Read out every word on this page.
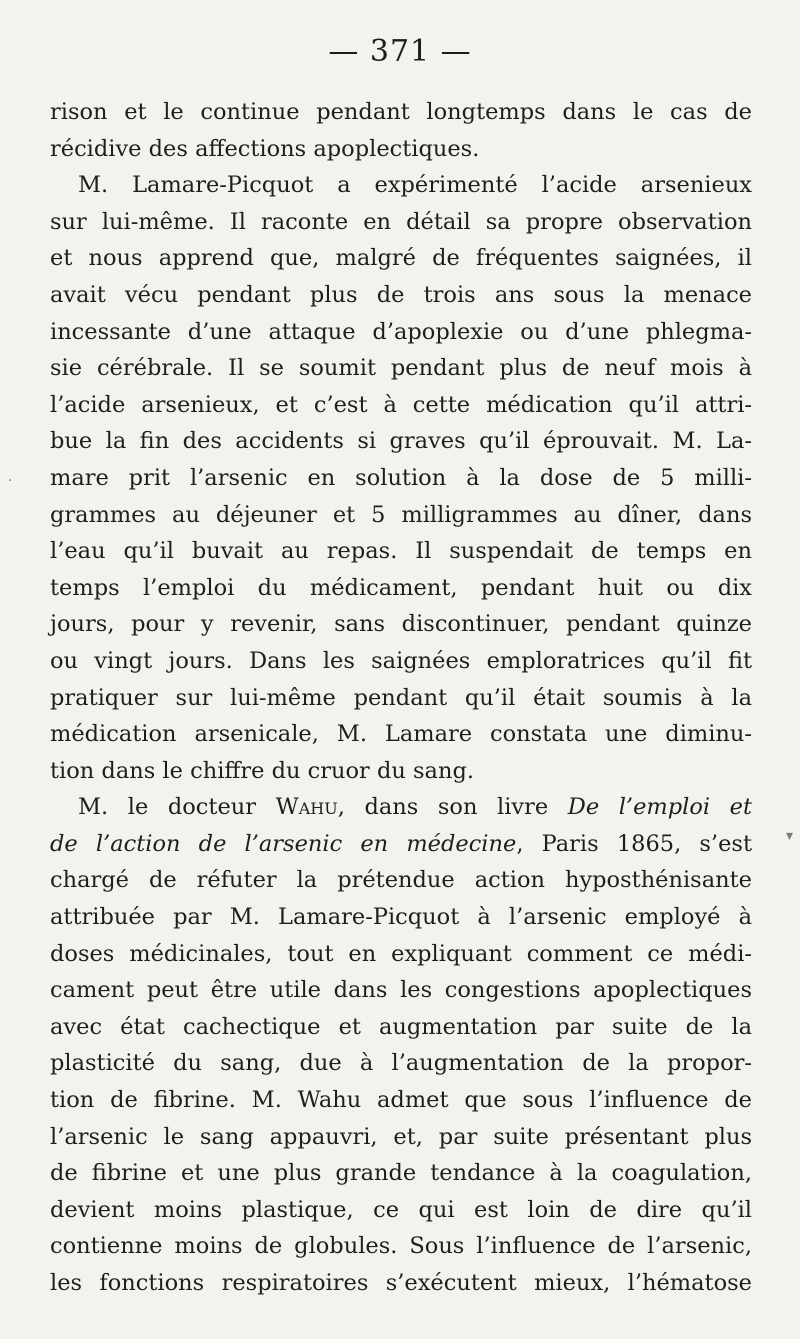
— 371 —
rison et le continue pendant longtemps dans le cas de
récidive des affections apoplectiques.
M. Lamare-Picquot a expérimenté l’acide arsenieux
sur lui-même. Il raconte en détail sa propre observation
et nous apprend que, malgré de fréquentes saignées, il
avait vécu pendant plus de trois ans sous la menace
incessante d’une attaque d’apoplexie ou d’une phlegma-
sie cérébrale. Il se soumit pendant plus de neuf mois à
l’acide arsenieux, et c’est à cette médication qu’il attri-
bue la fin des accidents si graves qu’il éprouvait. M. La-
mare prit l’arsenic en solution à la dose de 5 milli-
grammes au déjeuner et 5 milligrammes au dîner, dans
l’eau qu’il buvait au repas. Il suspendait de temps en
temps l’emploi du médicament, pendant huit ou dix
jours, pour y revenir, sans discontinuer, pendant quinze
ou vingt jours. Dans les saignées emploratrices qu’il fit
pratiquer sur lui-même pendant qu’il était soumis à la
médication arsenicale, M. Lamare constata une diminu-
tion dans le chiffre du cruor du sang.
M. le docteur Wahu, dans son livre De l’emploi et
de l’action de l’arsenic en médecine, Paris 1865, s’est
chargé de réfuter la prétendue action hyposthénisante
attribuée par M. Lamare-Picquot à l’arsenic employé à
doses médicinales, tout en expliquant comment ce médi-
cament peut être utile dans les congestions apoplectiques
avec état cachectique et augmentation par suite de la
plasticité du sang, due à l’augmentation de la propor-
tion de fibrine. M. Wahu admet que sous l’influence de
l’arsenic le sang appauvri, et, par suite présentant plus
de fibrine et une plus grande tendance à la coagulation,
devient moins plastique, ce qui est loin de dire qu’il
contienne moins de globules. Sous l’influence de l’arsenic,
les fonctions respiratoires s’exécutent mieux, l’hématose
▾
·
